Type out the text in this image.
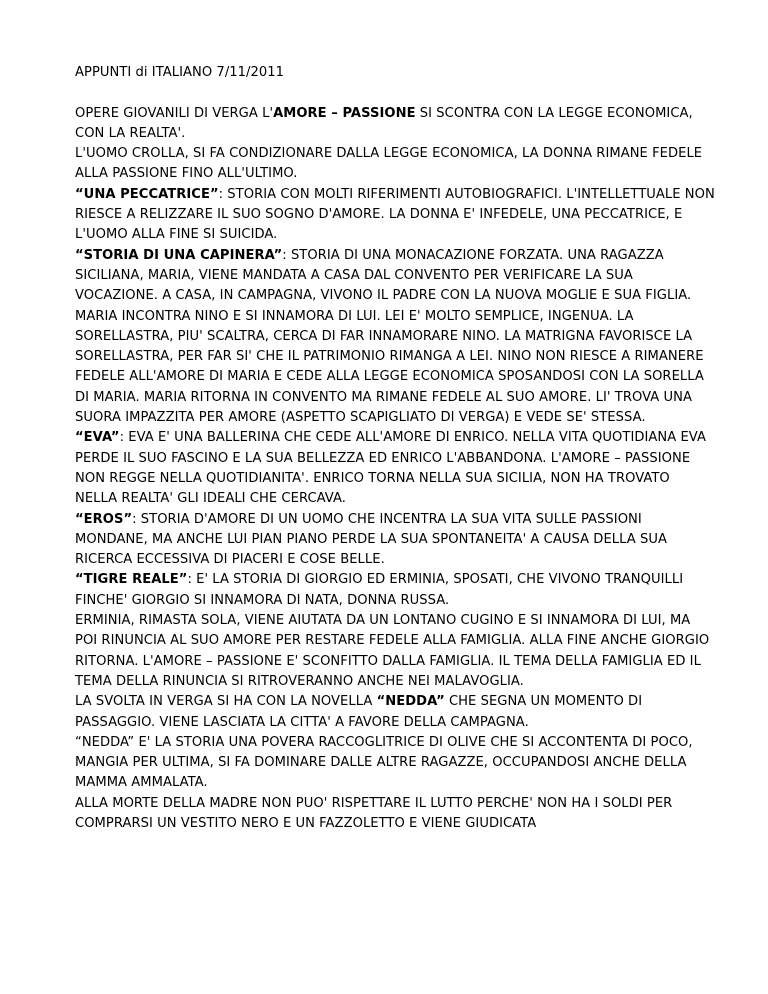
APPUNTI di ITALIANO 7/11/2011

OPERE GIOVANILI DI VERGA L'AMORE – PASSIONE SI SCONTRA CON LA LEGGE ECONOMICA, CON LA REALTA'.

L'UOMO CROLLA, SI FA CONDIZIONARE DALLA LEGGE ECONOMICA, LA DONNA RIMANE FEDELE ALLA PASSIONE FINO ALL'ULTIMO.

“UNA PECCATRICE”: STORIA CON MOLTI RIFERIMENTI AUTOBIOGRAFICI. L'INTELLETTUALE NON RIESCE A RELIZZARE IL SUO SOGNO D'AMORE. LA DONNA E' INFEDELE, UNA PECCATRICE, E L'UOMO ALLA FINE SI SUICIDA.

“STORIA DI UNA CAPINERA”: STORIA DI UNA MONACAZIONE FORZATA. UNA RAGAZZA SICILIANA, MARIA, VIENE MANDATA A CASA DAL CONVENTO PER VERIFICARE LA SUA VOCAZIONE. A CASA, IN CAMPAGNA, VIVONO IL PADRE CON LA NUOVA MOGLIE E SUA FIGLIA. MARIA INCONTRA NINO E SI INNAMORA DI LUI. LEI E' MOLTO SEMPLICE, INGENUA. LA SORELLASTRA, PIU' SCALTRA, CERCA DI FAR INNAMORARE NINO. LA MATRIGNA FAVORISCE LA SORELLASTRA, PER FAR SI' CHE IL PATRIMONIO RIMANGA A LEI. NINO NON RIESCE A RIMANERE FEDELE ALL'AMORE DI MARIA E CEDE ALLA LEGGE ECONOMICA SPOSANDOSI CON LA SORELLA DI MARIA. MARIA RITORNA IN CONVENTO MA RIMANE FEDELE AL SUO AMORE. LI' TROVA UNA SUORA IMPAZZITA PER AMORE (ASPETTO SCAPIGLIATO DI VERGA) E VEDE SE' STESSA.

“EVA”: EVA E' UNA BALLERINA CHE CEDE ALL'AMORE DI ENRICO. NELLA VITA QUOTIDIANA EVA PERDE IL SUO FASCINO E LA SUA BELLEZZA ED ENRICO L'ABBANDONA. L'AMORE – PASSIONE NON REGGE NELLA QUOTIDIANITA'. ENRICO TORNA NELLA SUA SICILIA, NON HA TROVATO NELLA REALTA' GLI IDEALI CHE CERCAVA.

“EROS”: STORIA D'AMORE DI UN UOMO CHE INCENTRA LA SUA VITA SULLE PASSIONI MONDANE, MA ANCHE LUI PIAN PIANO PERDE LA SUA SPONTANEITA' A CAUSA DELLA SUA RICERCA ECCESSIVA DI PIACERI E COSE BELLE.

“TIGRE REALE”: E' LA STORIA DI GIORGIO ED ERMINIA, SPOSATI, CHE VIVONO TRANQUILLI FINCHE' GIORGIO SI INNAMORA DI NATA, DONNA RUSSA.

ERMINIA, RIMASTA SOLA, VIENE AIUTATA DA UN LONTANO CUGINO E SI INNAMORA DI LUI, MA POI RINUNCIA AL SUO AMORE PER RESTARE FEDELE ALLA FAMIGLIA. ALLA FINE ANCHE GIORGIO RITORNA. L'AMORE – PASSIONE E' SCONFITTO DALLA FAMIGLIA. IL TEMA DELLA FAMIGLIA ED IL TEMA DELLA RINUNCIA SI RITROVERANNO ANCHE NEI MALAVOGLIA.

LA SVOLTA IN VERGA SI HA CON LA NOVELLA “NEDDA” CHE SEGNA UN MOMENTO DI PASSAGGIO. VIENE LASCIATA LA CITTA' A FAVORE DELLA CAMPAGNA.

“NEDDA” E' LA STORIA UNA POVERA RACCOGLITRICE DI OLIVE CHE SI ACCONTENTA DI POCO, MANGIA PER ULTIMA, SI FA DOMINARE DALLE ALTRE RAGAZZE, OCCUPANDOSI ANCHE DELLA MAMMA AMMALATA.

ALLA MORTE DELLA MADRE NON PUO' RISPETTARE IL LUTTO PERCHE' NON HA I SOLDI PER COMPRARSI UN VESTITO NERO E UN FAZZOLETTO E VIENE GIUDICATA
